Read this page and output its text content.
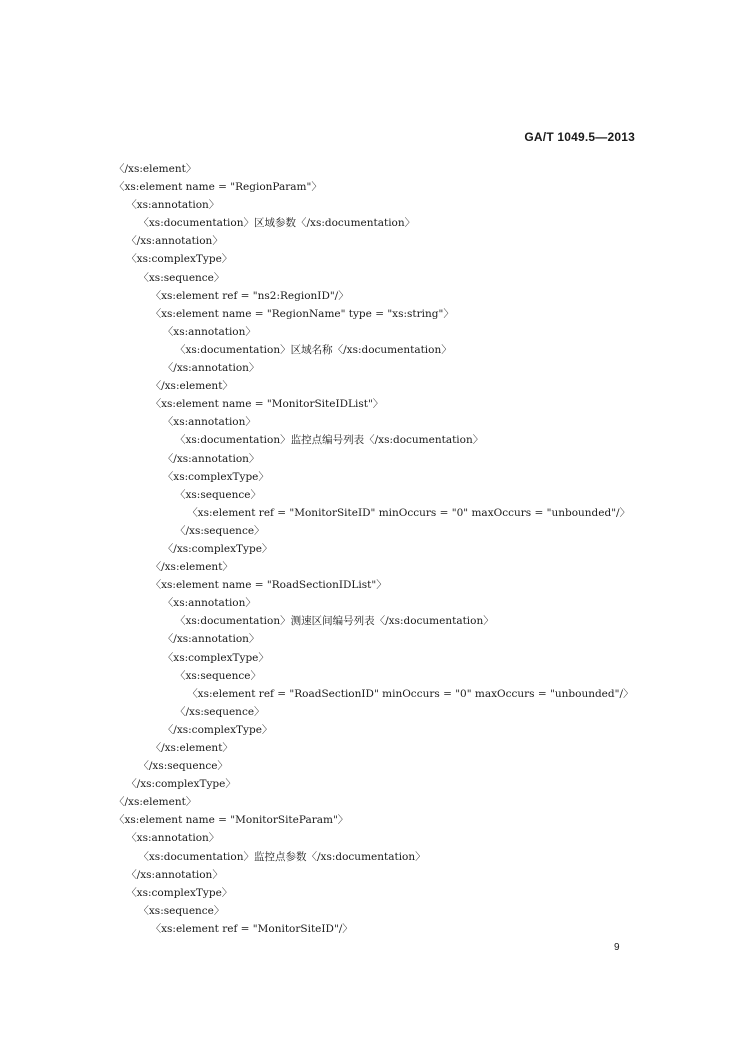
GA/T 1049.5—2013
〈/xs:element〉
〈xs:element name = "RegionParam"〉
〈xs:annotation〉
〈xs:documentation〉区域参数〈/xs:documentation〉
〈/xs:annotation〉
〈xs:complexType〉
〈xs:sequence〉
〈xs:element ref = "ns2:RegionID"/〉
〈xs:element name = "RegionName" type = "xs:string"〉
〈xs:annotation〉
〈xs:documentation〉区域名称〈/xs:documentation〉
〈/xs:annotation〉
〈/xs:element〉
〈xs:element name = "MonitorSiteIDList"〉
〈xs:annotation〉
〈xs:documentation〉监控点编号列表〈/xs:documentation〉
〈/xs:annotation〉
〈xs:complexType〉
〈xs:sequence〉
〈xs:element ref = "MonitorSiteID" minOccurs = "0" maxOccurs = "unbounded"/〉
〈/xs:sequence〉
〈/xs:complexType〉
〈/xs:element〉
〈xs:element name = "RoadSectionIDList"〉
〈xs:annotation〉
〈xs:documentation〉测速区间编号列表〈/xs:documentation〉
〈/xs:annotation〉
〈xs:complexType〉
〈xs:sequence〉
〈xs:element ref = "RoadSectionID" minOccurs = "0" maxOccurs = "unbounded"/〉
〈/xs:sequence〉
〈/xs:complexType〉
〈/xs:element〉
〈/xs:sequence〉
〈/xs:complexType〉
〈/xs:element〉
〈xs:element name = "MonitorSiteParam"〉
〈xs:annotation〉
〈xs:documentation〉监控点参数〈/xs:documentation〉
〈/xs:annotation〉
〈xs:complexType〉
〈xs:sequence〉
〈xs:element ref = "MonitorSiteID"/〉
9
